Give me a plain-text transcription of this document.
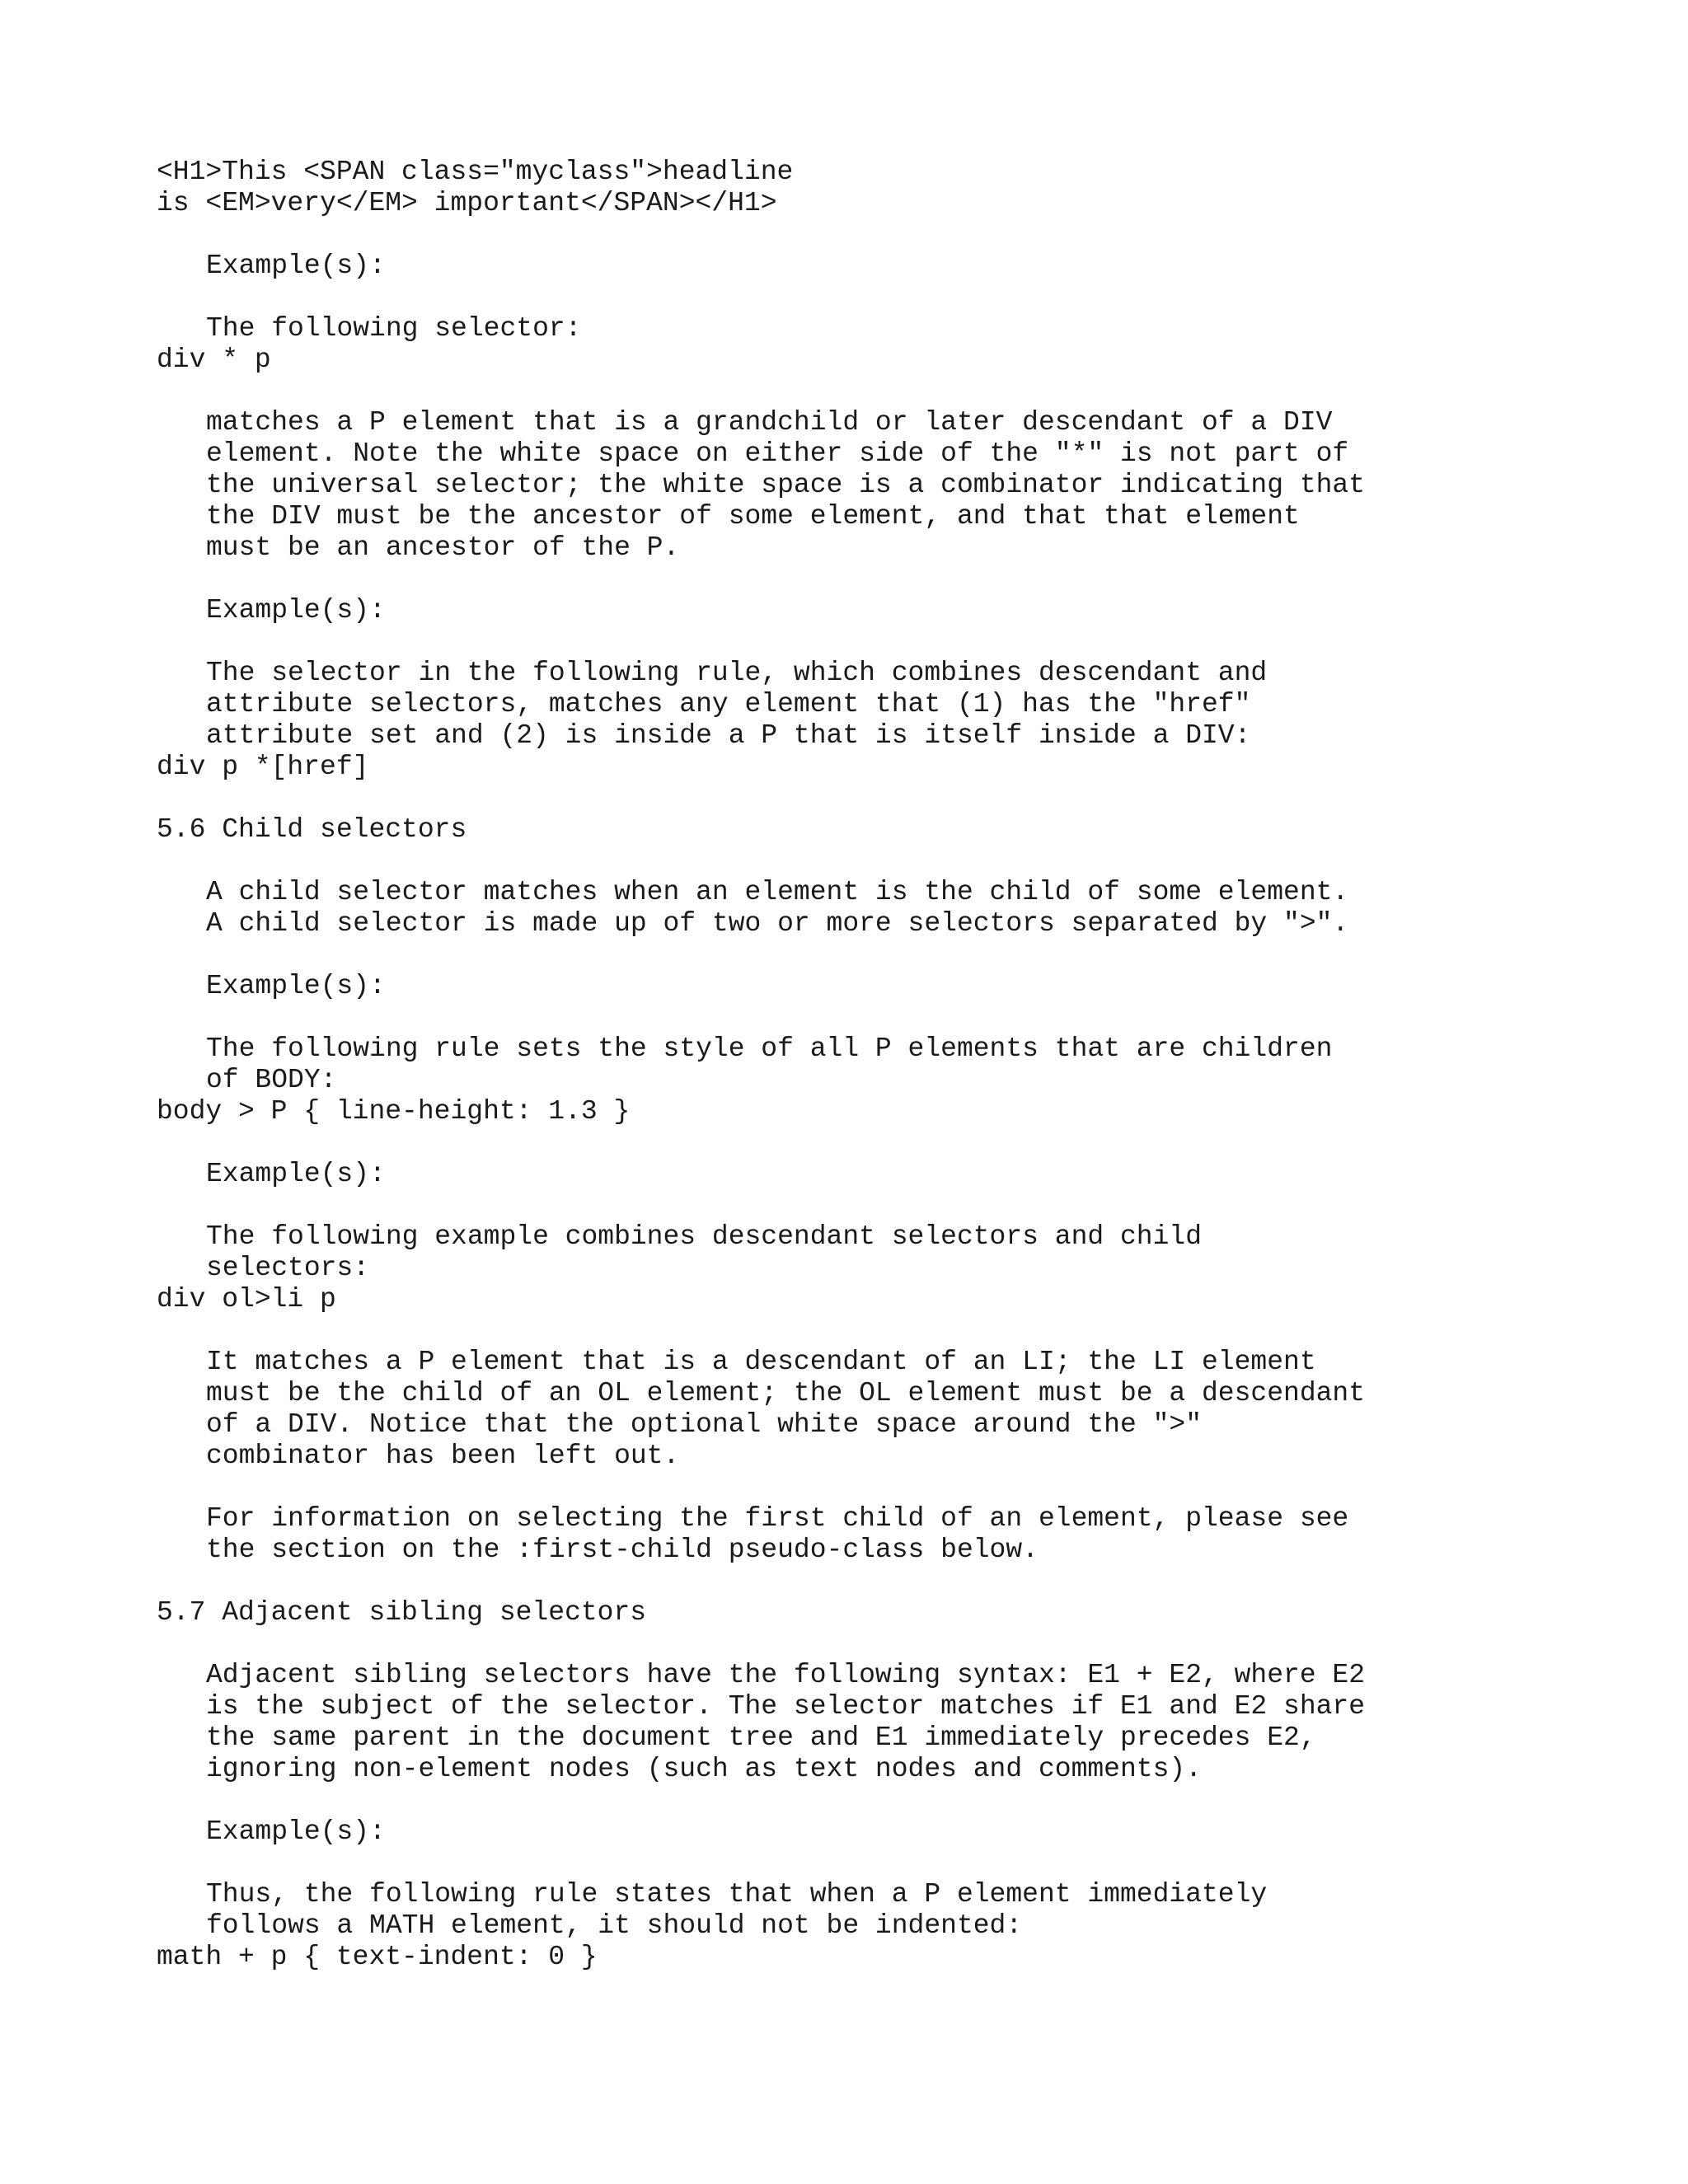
<H1>This <SPAN class="myclass">headline
is <EM>very</EM> important</SPAN></H1>
Example(s):
The following selector:
div * p
matches a P element that is a grandchild or later descendant of a DIV
element. Note the white space on either side of the "*" is not part of
the universal selector; the white space is a combinator indicating that
the DIV must be the ancestor of some element, and that that element
must be an ancestor of the P.
Example(s):
The selector in the following rule, which combines descendant and
attribute selectors, matches any element that (1) has the "href"
attribute set and (2) is inside a P that is itself inside a DIV:
div p *[href]
5.6 Child selectors
A child selector matches when an element is the child of some element.
A child selector is made up of two or more selectors separated by ">".
Example(s):
The following rule sets the style of all P elements that are children
of BODY:
body > P { line-height: 1.3 }
Example(s):
The following example combines descendant selectors and child
selectors:
div ol>li p
It matches a P element that is a descendant of an LI; the LI element
must be the child of an OL element; the OL element must be a descendant
of a DIV. Notice that the optional white space around the ">"
combinator has been left out.
For information on selecting the first child of an element, please see
the section on the :first-child pseudo-class below.
5.7 Adjacent sibling selectors
Adjacent sibling selectors have the following syntax: E1 + E2, where E2
is the subject of the selector. The selector matches if E1 and E2 share
the same parent in the document tree and E1 immediately precedes E2,
ignoring non-element nodes (such as text nodes and comments).
Example(s):
Thus, the following rule states that when a P element immediately
follows a MATH element, it should not be indented:
math + p { text-indent: 0 }
